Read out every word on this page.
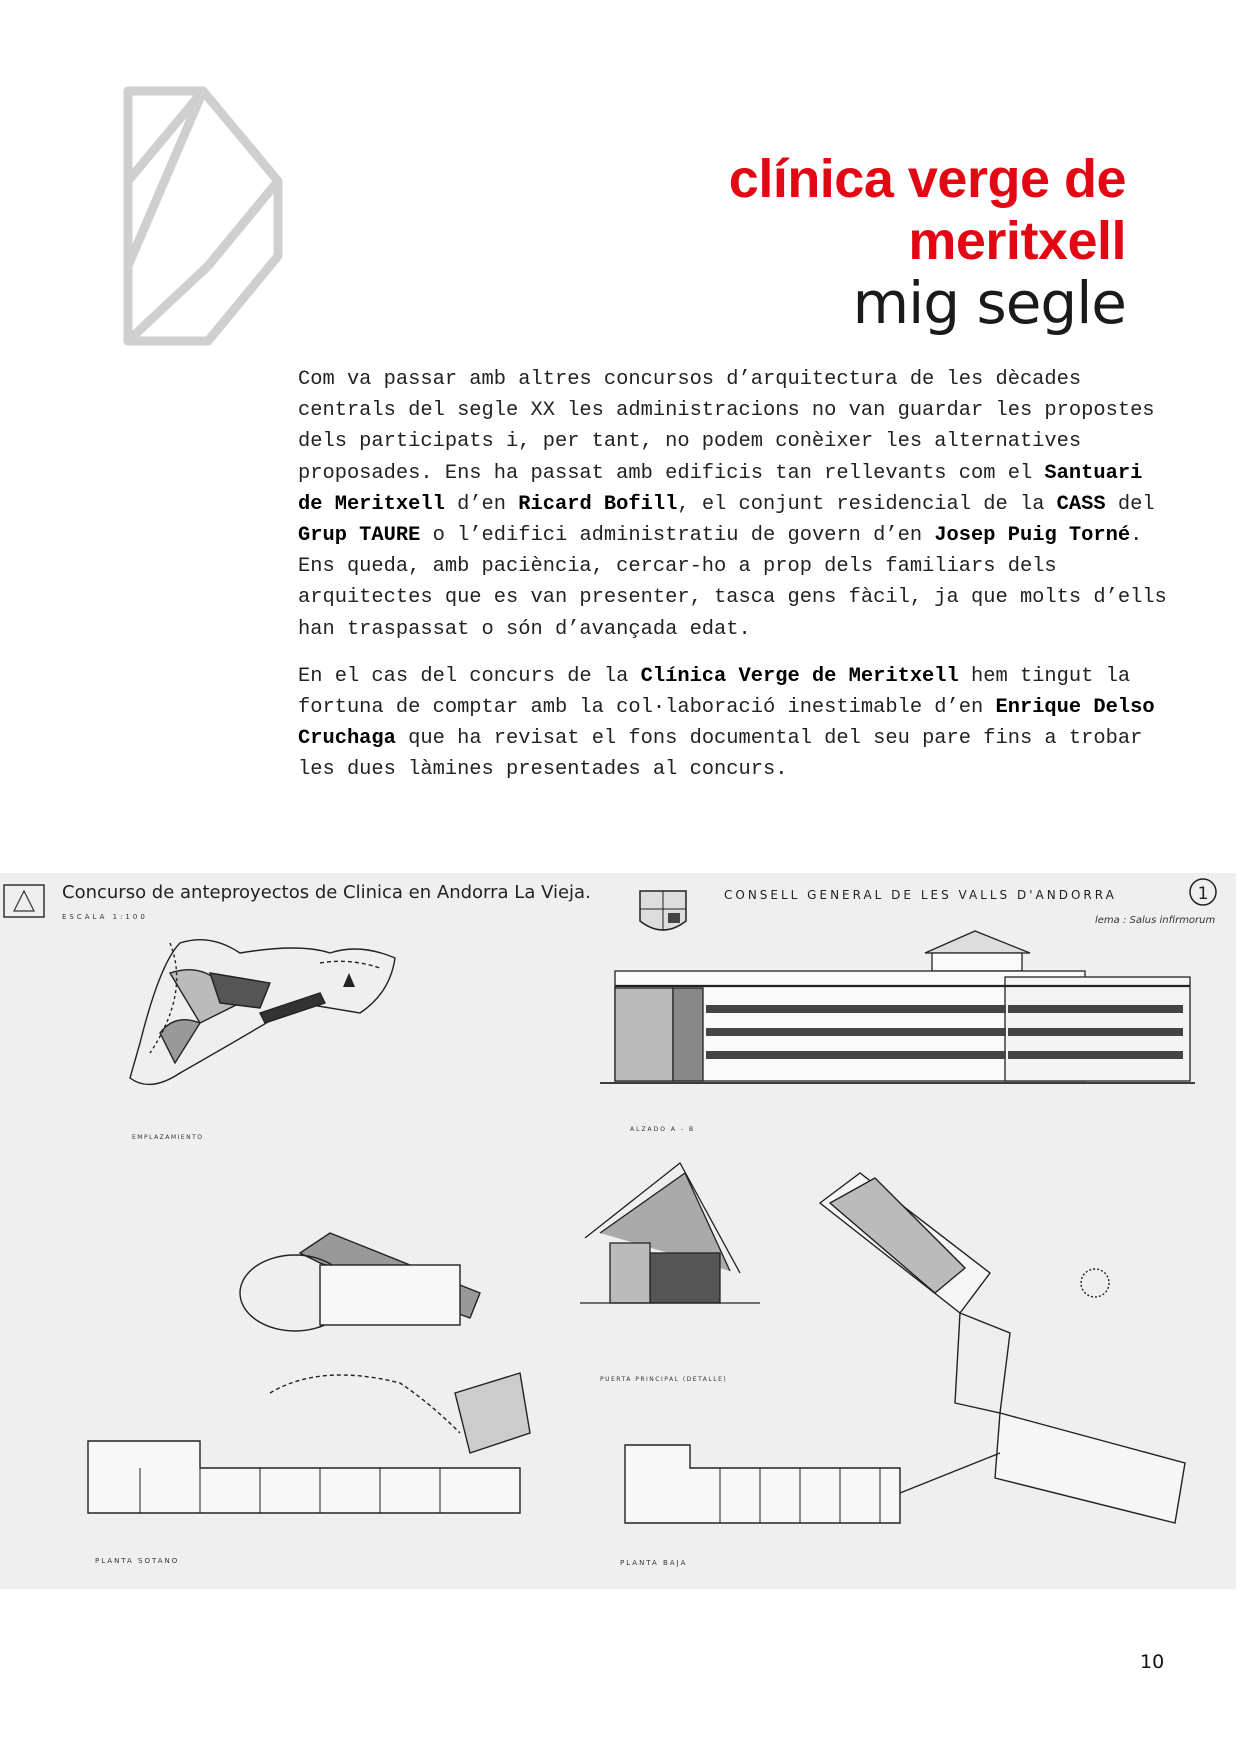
clínica verge de
meritxell
mig segle

Com va passar amb altres concursos d’arquitectura de les dècades centrals del segle XX les administracions no van guardar les propostes dels participats i, per tant, no podem conèixer les alternatives proposades. Ens ha passat amb edificis tan rellevants com el Santuari de Meritxell d’en Ricard Bofill, el conjunt residencial de la CASS del Grup TAURE o l’edifici administratiu de govern d’en Josep Puig Torné. Ens queda, amb paciència, cercar-ho a prop dels familiars dels arquitectes que es van presenter, tasca gens fàcil, ja que molts d’ells han traspassat o són d’avançada edat.

En el cas del concurs de la Clínica Verge de Meritxell hem tingut la fortuna de comptar amb la col·laboració inestimable d’en Enrique Delso Cruchaga que ha revisat el fons documental del seu pare fins a trobar les dues làmines presentades al concurs.

Concurso de anteproyectos de Clinica en Andorra La Vieja.
ESCALA 1:100
CONSELL GENERAL DE LES VALLS D'ANDORRA	1
lema : Salus infirmorum
EMPLAZAMIENTO
ALZADO A - B
PUERTA PRINCIPAL (DETALLE)
PLANTA SOTANO	PLANTA BAJA
10
